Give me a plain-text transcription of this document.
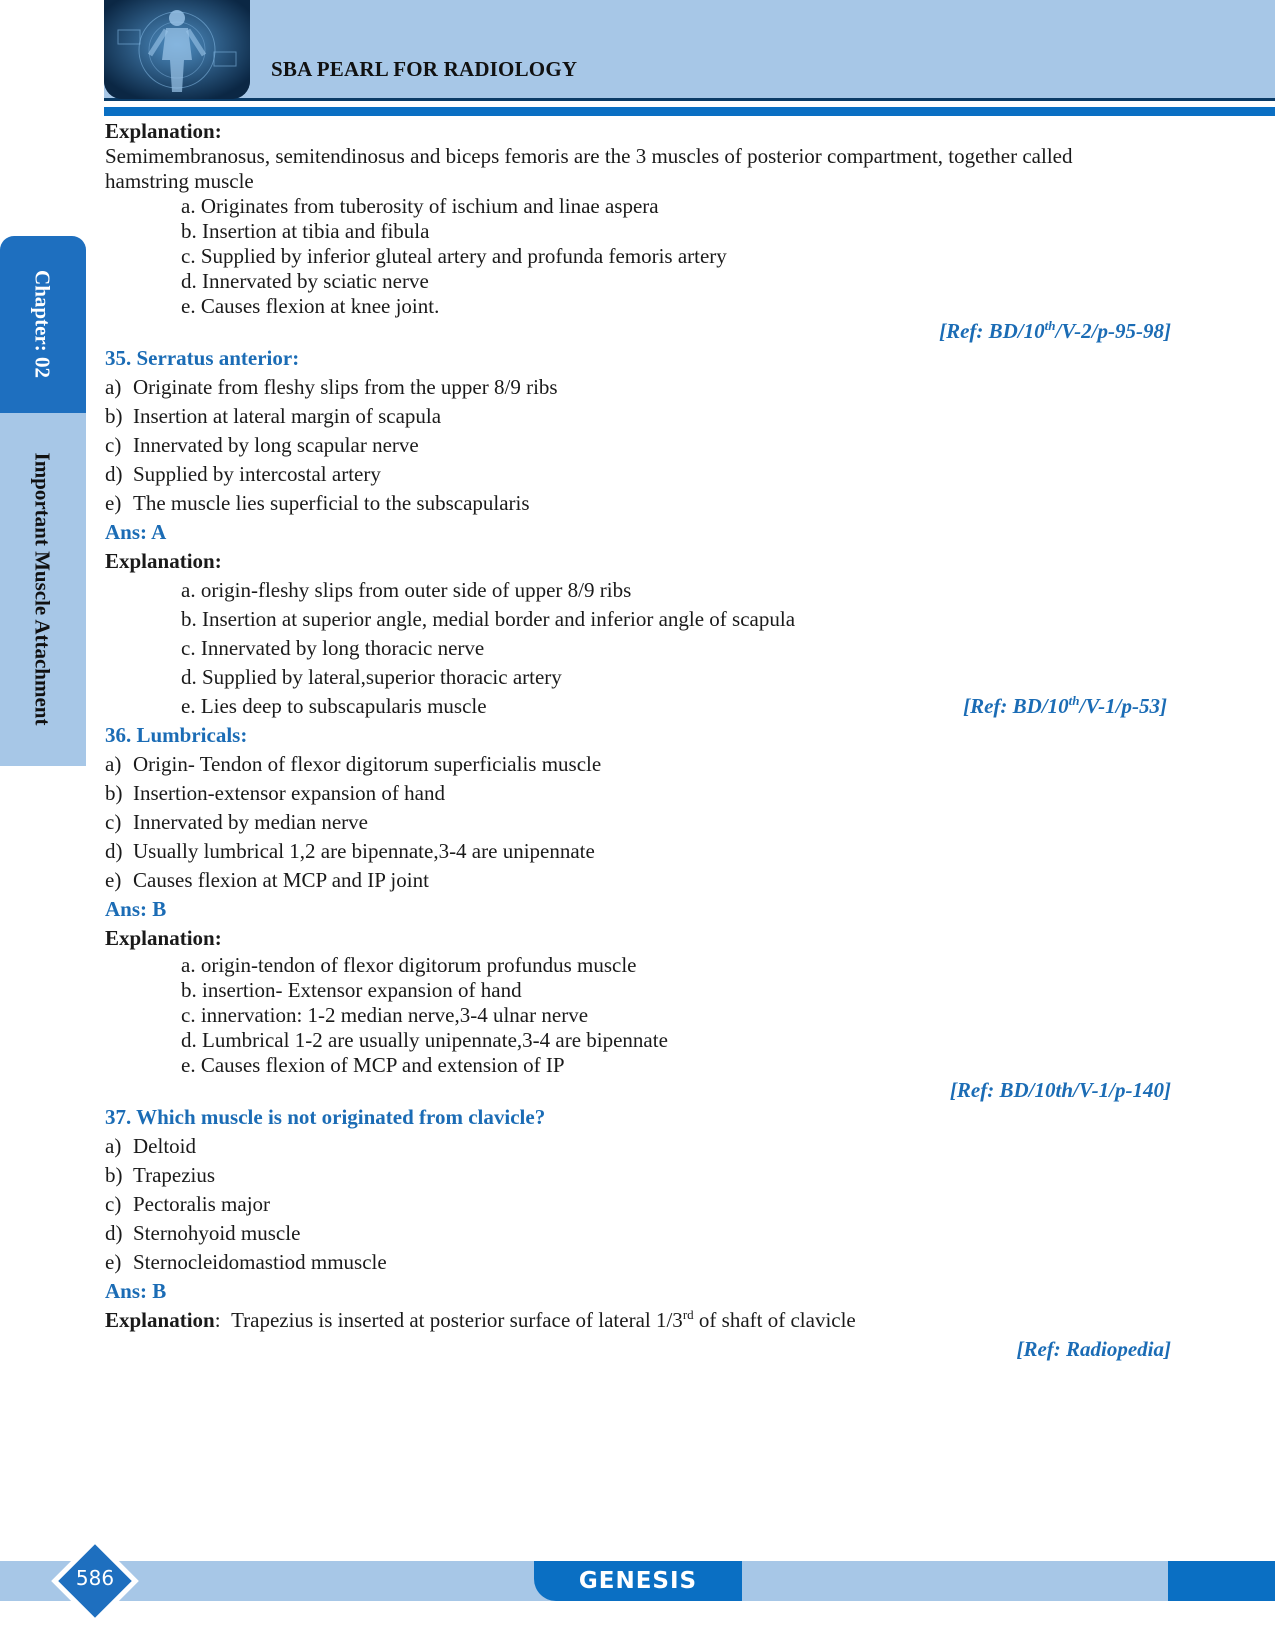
SBA PEARL FOR RADIOLOGY
Chapter: 02
Important Muscle Attachment
Explanation:
Semimembranosus, semitendinosus and biceps femoris are the 3 muscles of posterior compartment, together called
hamstring muscle
a. Originates from tuberosity of ischium and linae aspera
b. Insertion at tibia and fibula
c. Supplied by inferior gluteal artery and profunda femoris artery
d. Innervated by sciatic nerve
e. Causes flexion at knee joint.
[Ref: BD/10th/V-2/p-95-98]
35. Serratus anterior:
a) Originate from fleshy slips from the upper 8/9 ribs
b) Insertion at lateral margin of scapula
c) Innervated by long scapular nerve
d) Supplied by intercostal artery
e) The muscle lies superficial to the subscapularis
Ans: A
Explanation:
a. origin-fleshy slips from outer side of upper 8/9 ribs
b. Insertion at superior angle, medial border and inferior angle of scapula
c. Innervated by long thoracic nerve
d. Supplied by lateral,superior thoracic artery
e. Lies deep to subscapularis muscle	[Ref: BD/10th/V-1/p-53]
36. Lumbricals:
a) Origin- Tendon of flexor digitorum superficialis muscle
b) Insertion-extensor expansion of hand
c) Innervated by median nerve
d) Usually lumbrical 1,2 are bipennate,3-4 are unipennate
e) Causes flexion at MCP and IP joint
Ans: B
Explanation:
a. origin-tendon of flexor digitorum profundus muscle
b. insertion- Extensor expansion of hand
c. innervation: 1-2 median nerve,3-4 ulnar nerve
d. Lumbrical 1-2 are usually unipennate,3-4 are bipennate
e. Causes flexion of MCP and extension of IP
[Ref: BD/10th/V-1/p-140]
37. Which muscle is not originated from clavicle?
a) Deltoid
b) Trapezius
c) Pectoralis major
d) Sternohyoid muscle
e) Sternocleidomastiod mmuscle
Ans: B
Explanation: Trapezius is inserted at posterior surface of lateral 1/3rd of shaft of clavicle
[Ref: Radiopedia]
GENESIS
586
